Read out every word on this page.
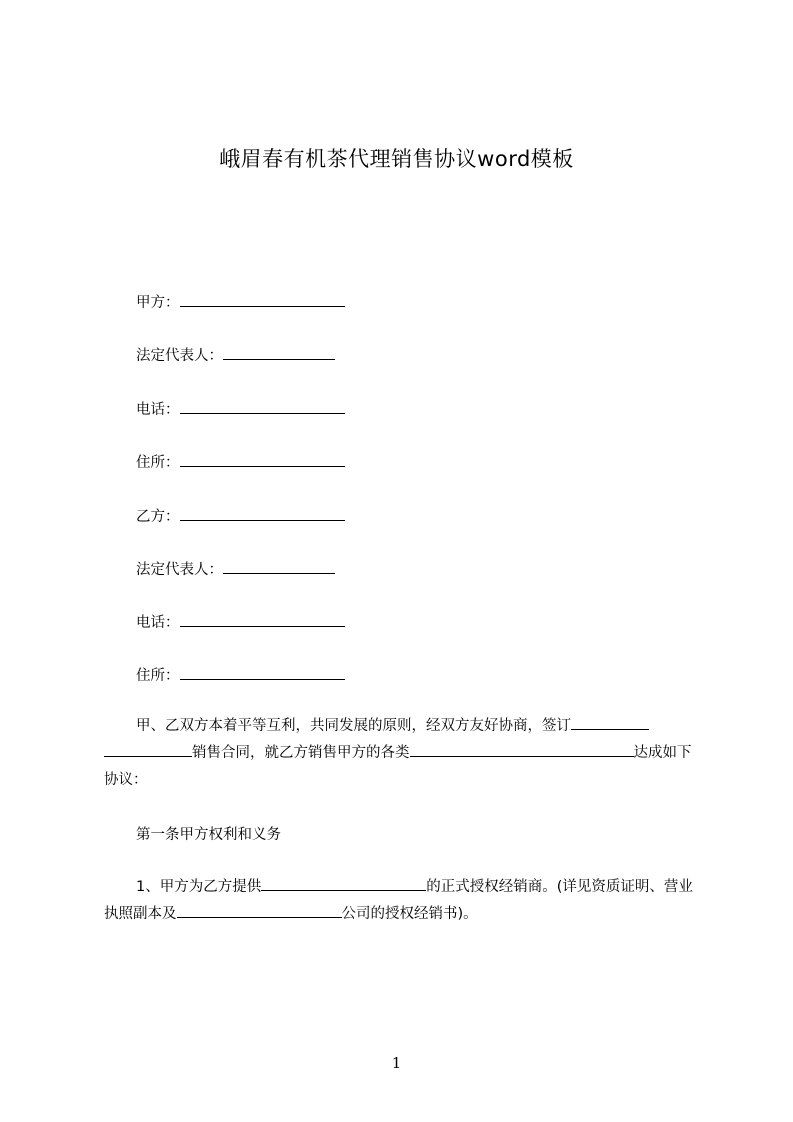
峨眉春有机茶代理销售协议word模板
甲方：
法定代表人：
电话：
住所：
乙方：
法定代表人：
电话：
住所：
甲、乙双方本着平等互利，共同发展的原则，经双方友好协商，签订销售合同，就乙方销售甲方的各类	达成如下协议：
第一条甲方权利和义务
1、甲方为乙方提供	的正式授权经销商。(详见资质证明、营业执照副本及	公司的授权经销书)。
1
